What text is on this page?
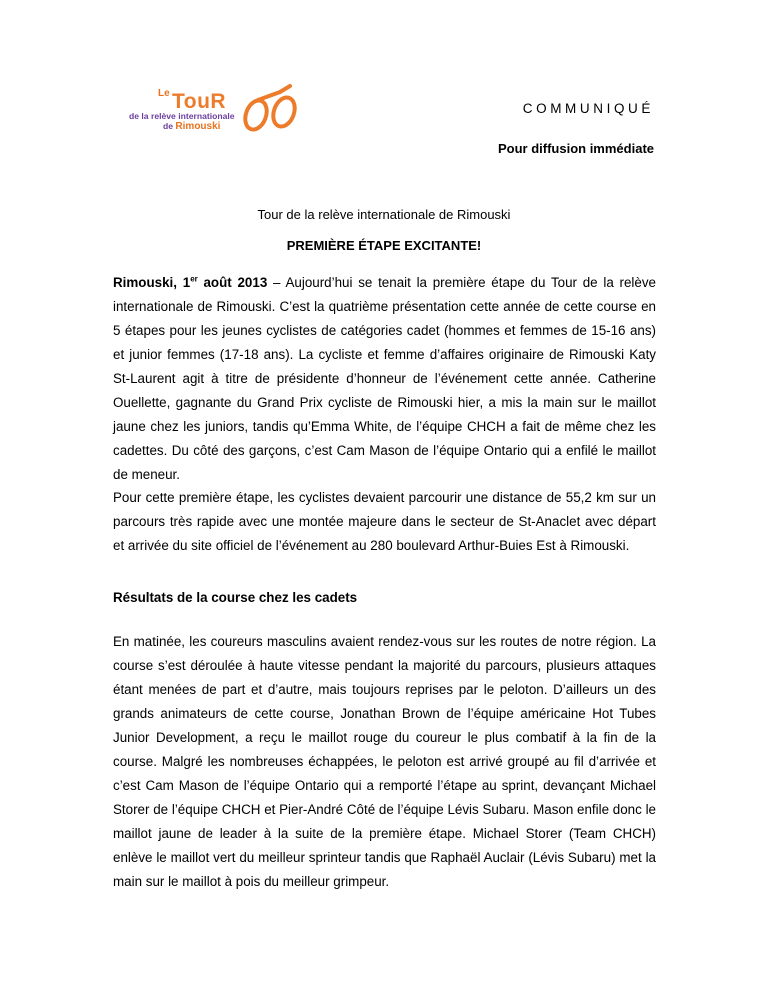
Le TouR
de la relève internationale
de Rimouski
COMMUNIQUÉ
Pour diffusion immédiate
Tour de la relève internationale de Rimouski
PREMIÈRE ÉTAPE EXCITANTE!
Rimouski, 1er août 2013 – Aujourd’hui se tenait la première étape du Tour de la relève internationale de Rimouski. C’est la quatrième présentation cette année de cette course en 5 étapes pour les jeunes cyclistes de catégories cadet (hommes et femmes de 15-16 ans) et junior femmes (17-18 ans). La cycliste et femme d’affaires originaire de Rimouski Katy St-Laurent agit à titre de présidente d’honneur de l’événement cette année. Catherine Ouellette, gagnante du Grand Prix cycliste de Rimouski hier, a mis la main sur le maillot jaune chez les juniors, tandis qu’Emma White, de l’équipe CHCH a fait de même chez les cadettes. Du côté des garçons, c’est Cam Mason de l’équipe Ontario qui a enfilé le maillot de meneur.
Pour cette première étape, les cyclistes devaient parcourir une distance de 55,2 km sur un parcours très rapide avec une montée majeure dans le secteur de St-Anaclet avec départ et arrivée du site officiel de l’événement au 280 boulevard Arthur-Buies Est à Rimouski.
Résultats de la course chez les cadets
En matinée, les coureurs masculins avaient rendez-vous sur les routes de notre région. La course s’est déroulée à haute vitesse pendant la majorité du parcours, plusieurs attaques étant menées de part et d’autre, mais toujours reprises par le peloton. D’ailleurs un des grands animateurs de cette course, Jonathan Brown de l’équipe américaine Hot Tubes Junior Development, a reçu le maillot rouge du coureur le plus combatif à la fin de la course. Malgré les nombreuses échappées, le peloton est arrivé groupé au fil d’arrivée et c’est Cam Mason de l’équipe Ontario qui a remporté l’étape au sprint, devançant Michael Storer de l’équipe CHCH et Pier-André Côté de l’équipe Lévis Subaru. Mason enfile donc le maillot jaune de leader à la suite de la première étape. Michael Storer (Team CHCH) enlève le maillot vert du meilleur sprinteur tandis que Raphaël Auclair (Lévis Subaru) met la main sur le maillot à pois du meilleur grimpeur.
